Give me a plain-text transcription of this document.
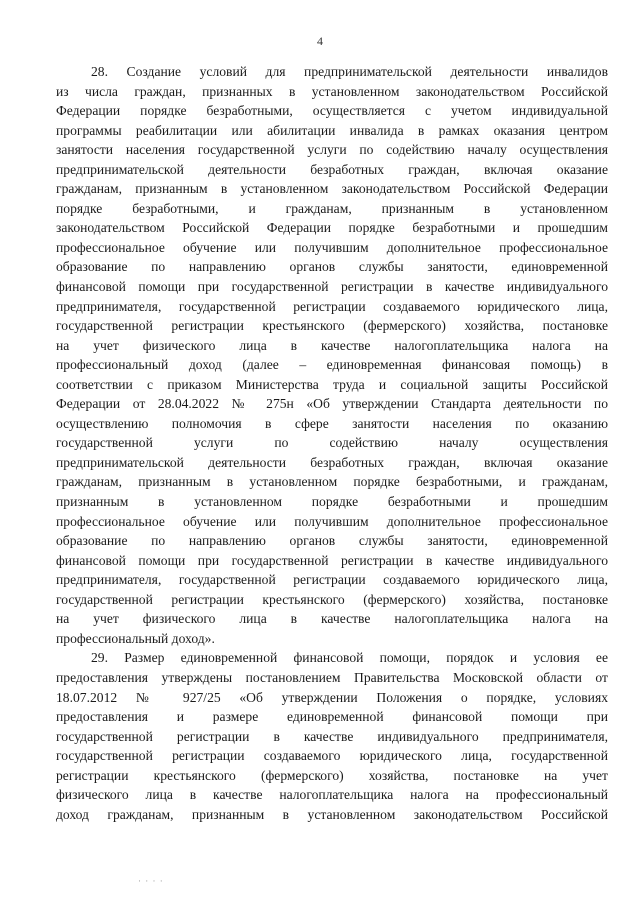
4
28. Создание условий для предпринимательской деятельности инвалидов
из числа граждан, признанных в установленном законодательством Российской
Федерации порядке безработными, осуществляется с учетом индивидуальной
программы реабилитации или абилитации инвалида в рамках оказания центром
занятости населения государственной услуги по содействию началу осуществления
предпринимательской деятельности безработных граждан, включая оказание
гражданам, признанным в установленном законодательством Российской Федерации
порядке безработными, и гражданам, признанным в установленном
законодательством Российской Федерации порядке безработными и прошедшим
профессиональное обучение или получившим дополнительное профессиональное
образование по направлению органов службы занятости, единовременной
финансовой помощи при государственной регистрации в качестве индивидуального
предпринимателя, государственной регистрации создаваемого юридического лица,
государственной регистрации крестьянского (фермерского) хозяйства, постановке
на учет физического лица в качестве налогоплательщика налога на
профессиональный доход (далее – единовременная финансовая помощь) в
соответствии с приказом Министерства труда и социальной защиты Российской
Федерации от 28.04.2022 № 275н «Об утверждении Стандарта деятельности по
осуществлению полномочия в сфере занятости населения по оказанию
государственной услуги по содействию началу осуществления
предпринимательской деятельности безработных граждан, включая оказание
гражданам, признанным в установленном порядке безработными, и гражданам,
признанным в установленном порядке безработными и прошедшим
профессиональное обучение или получившим дополнительное профессиональное
образование по направлению органов службы занятости, единовременной
финансовой помощи при государственной регистрации в качестве индивидуального
предпринимателя, государственной регистрации создаваемого юридического лица,
государственной регистрации крестьянского (фермерского) хозяйства, постановке
на учет физического лица в качестве налогоплательщика налога на
профессиональный доход».
29. Размер единовременной финансовой помощи, порядок и условия ее
предоставления утверждены постановлением Правительства Московской области от
18.07.2012 № 927/25 «Об утверждении Положения о порядке, условиях
предоставления и размере единовременной финансовой помощи при
государственной регистрации в качестве индивидуального предпринимателя,
государственной регистрации создаваемого юридического лица, государственной
регистрации крестьянского (фермерского) хозяйства, постановке на учет
физического лица в качестве налогоплательщика налога на профессиональный
доход гражданам, признанным в установленном законодательством Российской
· · · ·
